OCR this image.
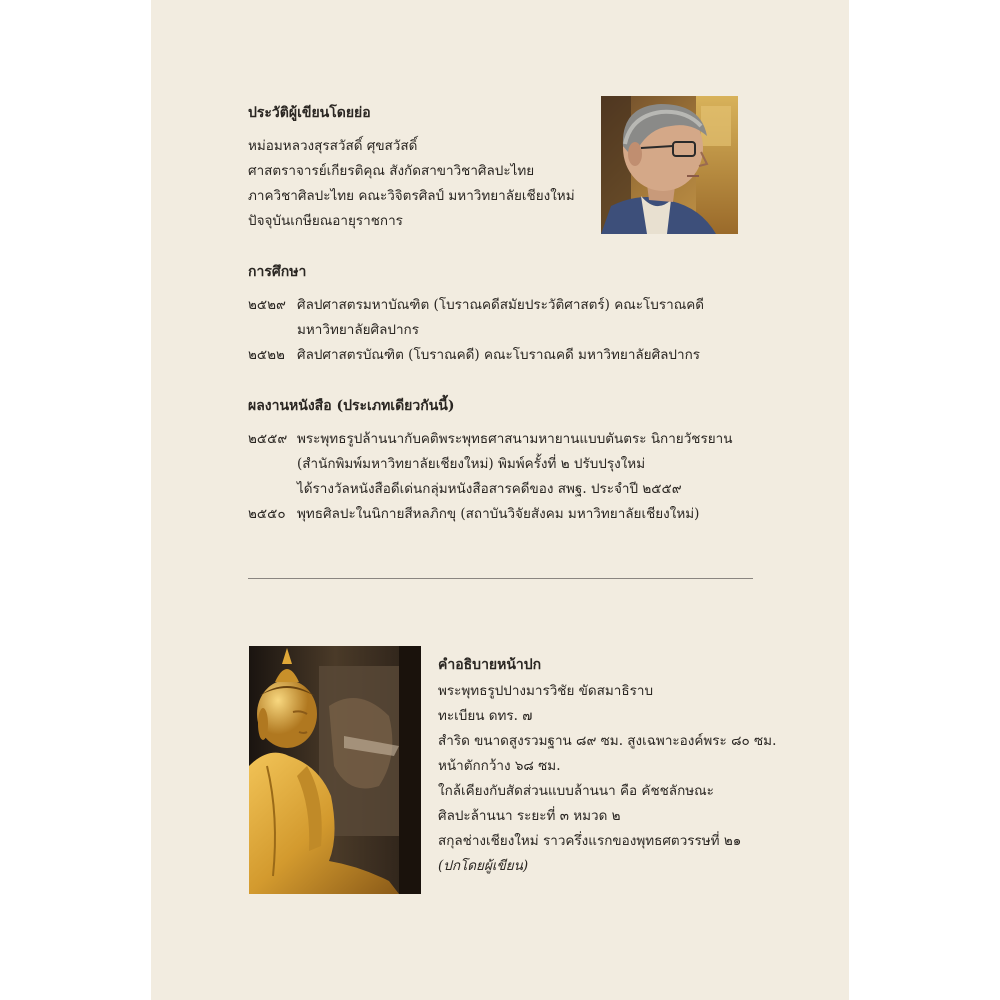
ประวัติผู้เขียนโดยย่อ
หม่อมหลวงสุรสวัสดิ์ ศุขสวัสดิ์
ศาสตราจารย์เกียรติคุณ สังกัดสาขาวิชาศิลปะไทย
ภาควิชาศิลปะไทย คณะวิจิตรศิลป์ มหาวิทยาลัยเชียงใหม่
ปัจจุบันเกษียณอายุราชการ
การศึกษา
๒๕๒๙ ศิลปศาสตรมหาบัณฑิต (โบราณคดีสมัยประวัติศาสตร์) คณะโบราณคดี
มหาวิทยาลัยศิลปากร
๒๕๒๒ ศิลปศาสตรบัณฑิต (โบราณคดี) คณะโบราณคดี มหาวิทยาลัยศิลปากร
ผลงานหนังสือ (ประเภทเดียวกันนี้)
๒๕๕๙ พระพุทธรูปล้านนากับคติพระพุทธศาสนามหายานแบบตันตระ นิกายวัชรยาน
(สำนักพิมพ์มหาวิทยาลัยเชียงใหม่) พิมพ์ครั้งที่ ๒ ปรับปรุงใหม่
ได้รางวัลหนังสือดีเด่นกลุ่มหนังสือสารคดีของ สพฐ. ประจำปี ๒๕๕๙
๒๕๕๐ พุทธศิลปะในนิกายสีหลภิกขุ (สถาบันวิจัยสังคม มหาวิทยาลัยเชียงใหม่)
คำอธิบายหน้าปก
พระพุทธรูปปางมารวิชัย ขัดสมาธิราบ
ทะเบียน ดทร. ๗
สำริด ขนาดสูงรวมฐาน ๘๙ ซม. สูงเฉพาะองค์พระ ๘๐ ซม.
หน้าตักกว้าง ๖๘ ซม.
ใกล้เคียงกับสัดส่วนแบบล้านนา คือ คัชชลักษณะ
ศิลปะล้านนา ระยะที่ ๓ หมวด ๒
สกุลช่างเชียงใหม่ ราวครึ่งแรกของพุทธศตวรรษที่ ๒๑
(ปกโดยผู้เขียน)
